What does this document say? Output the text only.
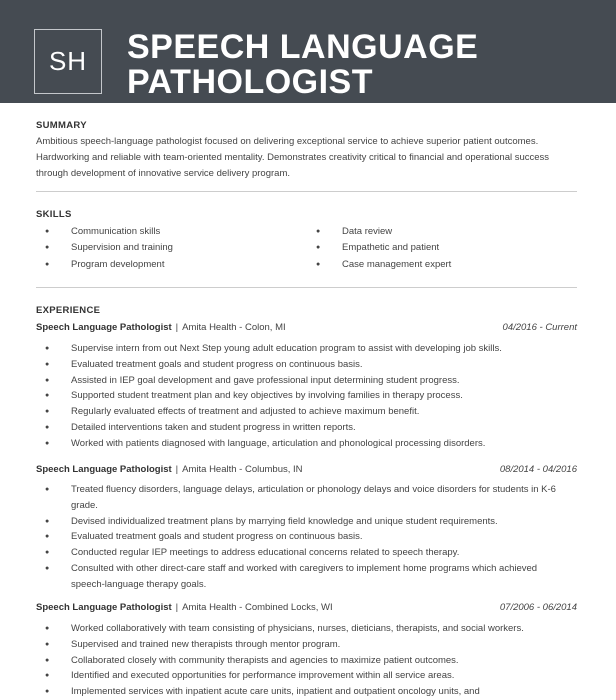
SH	SPEECH LANGUAGE
PATHOLOGIST
SUMMARY
Ambitious speech-language pathologist focused on delivering exceptional service to achieve superior patient outcomes. Hardworking and reliable with team-oriented mentality. Demonstrates creativity critical to financial and operational success through development of innovative service delivery program.
SKILLS
● Communication skills
● Supervision and training
● Program development
● Data review
● Empathetic and patient
● Case management expert
EXPERIENCE
Speech Language Pathologist | Amita Health - Colon, MI	04/2016 - Current
● Supervise intern from out Next Step young adult education program to assist with developing job skills.
● Evaluated treatment goals and student progress on continuous basis.
● Assisted in IEP goal development and gave professional input determining student progress.
● Supported student treatment plan and key objectives by involving families in therapy process.
● Regularly evaluated effects of treatment and adjusted to achieve maximum benefit.
● Detailed interventions taken and student progress in written reports.
● Worked with patients diagnosed with language, articulation and phonological processing disorders.
Speech Language Pathologist | Amita Health - Columbus, IN	08/2014 - 04/2016
● Treated fluency disorders, language delays, articulation or phonology delays and voice disorders for students in K-6 grade.
● Devised individualized treatment plans by marrying field knowledge and unique student requirements.
● Evaluated treatment goals and student progress on continuous basis.
● Conducted regular IEP meetings to address educational concerns related to speech therapy.
● Consulted with other direct-care staff and worked with caregivers to implement home programs which achieved speech-language therapy goals.
Speech Language Pathologist | Amita Health - Combined Locks, WI	07/2006 - 06/2014
● Worked collaboratively with team consisting of physicians, nurses, dieticians, therapists, and social workers.
● Supervised and trained new therapists through mentor program.
● Collaborated closely with community therapists and agencies to maximize patient outcomes.
● Identified and executed opportunities for performance improvement within all service areas.
● Implemented services with inpatient acute care units, inpatient and outpatient oncology units, and
